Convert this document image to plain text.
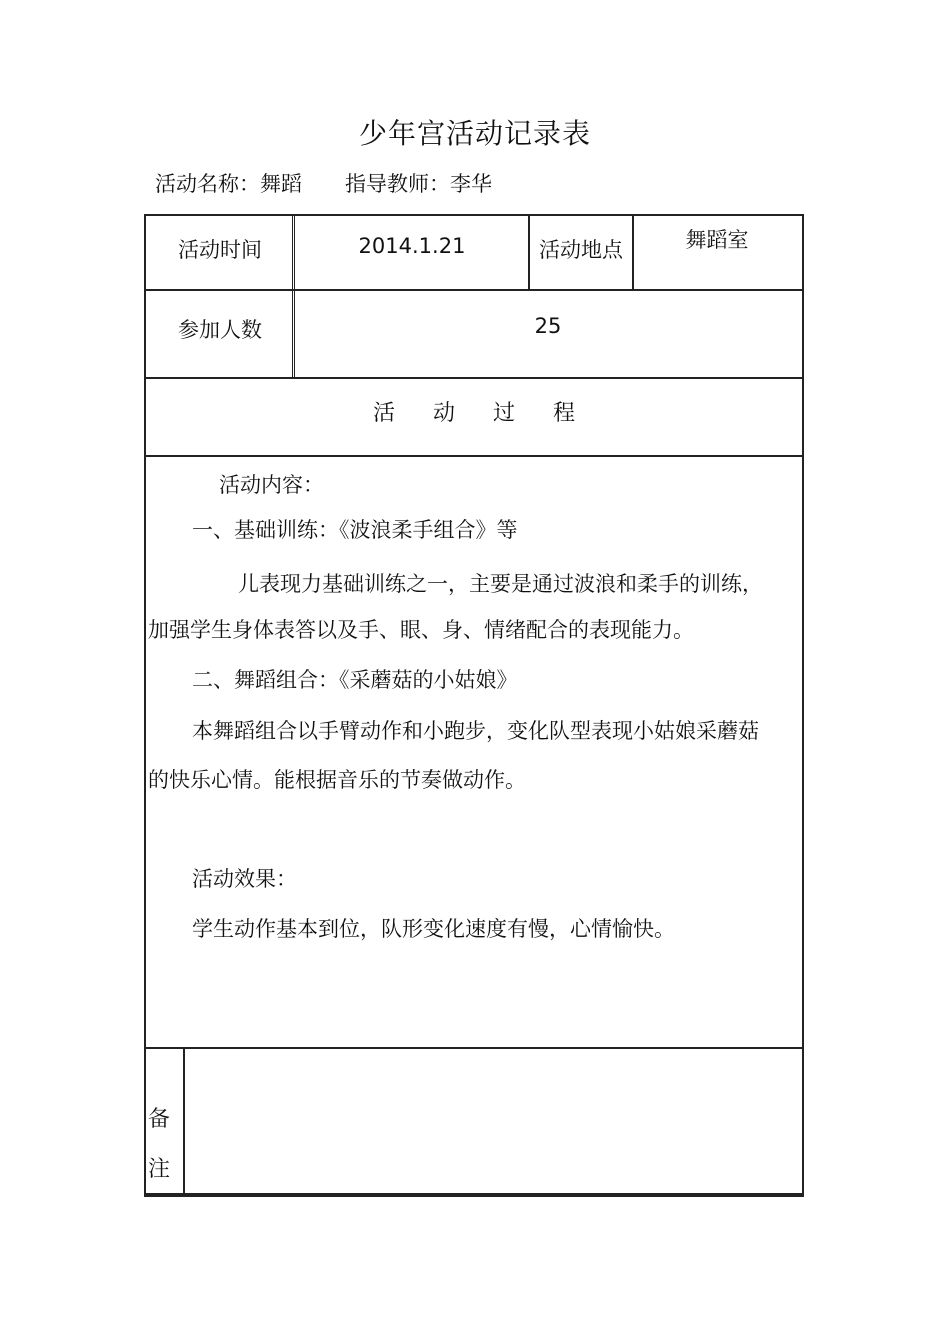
少年宫活动记录表
活动名称：舞蹈 指导教师：李华
活动时间	2014.1.21	活动地点	舞蹈室
参加人数	25
活动过程
活动内容：
一、基础训练：《波浪柔手组合》等
儿表现力基础训练之一，主要是通过波浪和柔手的训练，
加强学生身体表答以及手、眼、身、情绪配合的表现能力。
二、舞蹈组合：《采蘑菇的小姑娘》
本舞蹈组合以手臂动作和小跑步，变化队型表现小姑娘采蘑菇
的快乐心情。能根据音乐的节奏做动作。
活动效果：
学生动作基本到位，队形变化速度有慢，心情愉快。
备
注
